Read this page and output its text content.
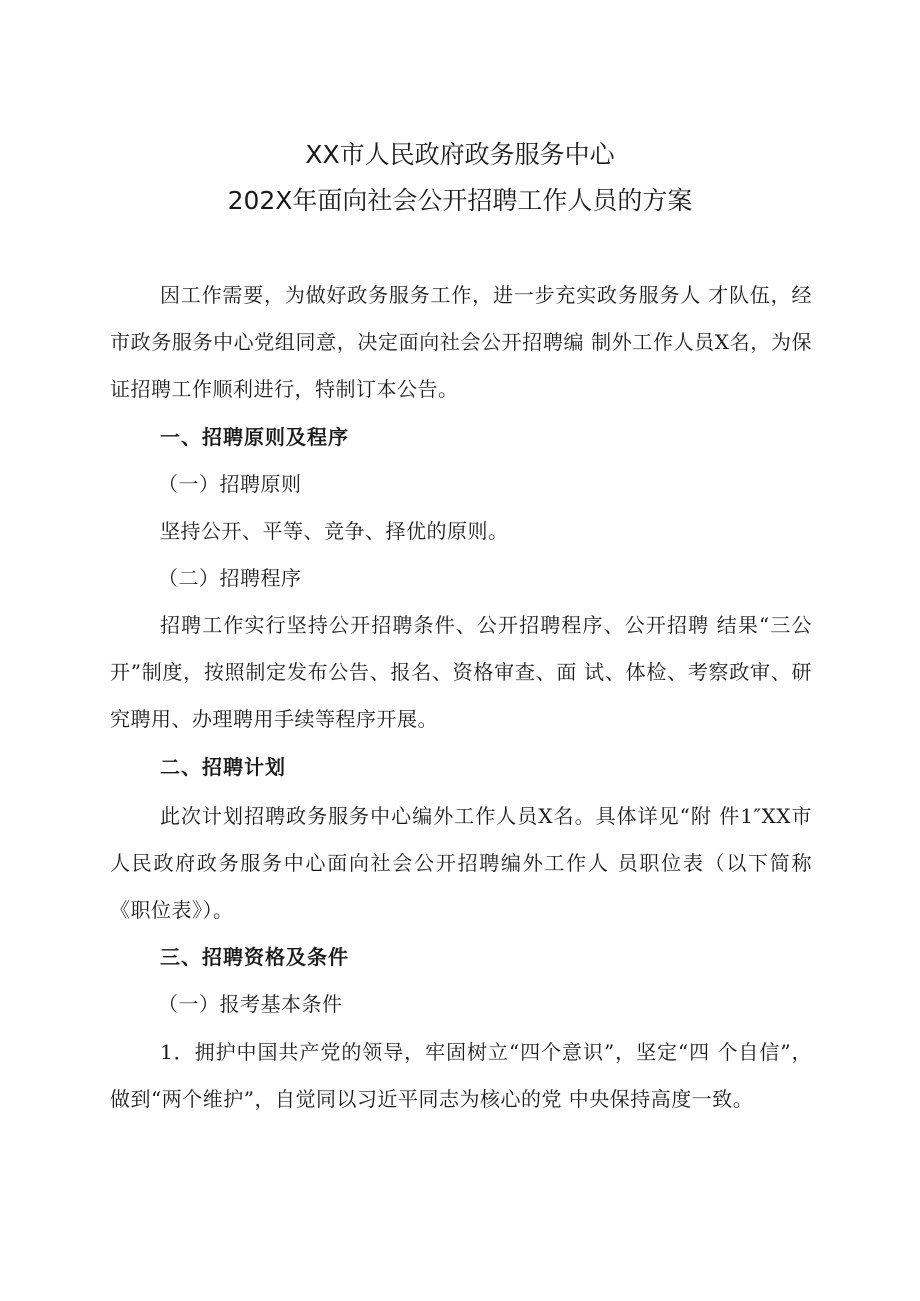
XX市人民政府政务服务中心
202X年面向社会公开招聘工作人员的方案

因工作需要，为做好政务服务工作，进一步充实政务服务人 才队伍，经市政务服务中心党组同意，决定面向社会公开招聘编 制外工作人员X名，为保证招聘工作顺利进行，特制订本公告。

一、招聘原则及程序
（一）招聘原则
坚持公开、平等、竞争、择优的原则。
（二）招聘程序

招聘工作实行坚持公开招聘条件、公开招聘程序、公开招聘 结果“三公开”制度，按照制定发布公告、报名、资格审查、面 试、体检、考察政审、研究聘用、办理聘用手续等程序开展。

二、招聘计划

此次计划招聘政务服务中心编外工作人员X名。具体详见“附 件1″XX市人民政府政务服务中心面向社会公开招聘编外工作人 员职位表（以下简称《职位表》）。

三、招聘资格及条件
（一）报考基本条件

1．拥护中国共产党的领导，牢固树立“四个意识”，坚定“四 个自信”，做到“两个维护”，自觉同以习近平同志为核心的党 中央保持高度一致。
